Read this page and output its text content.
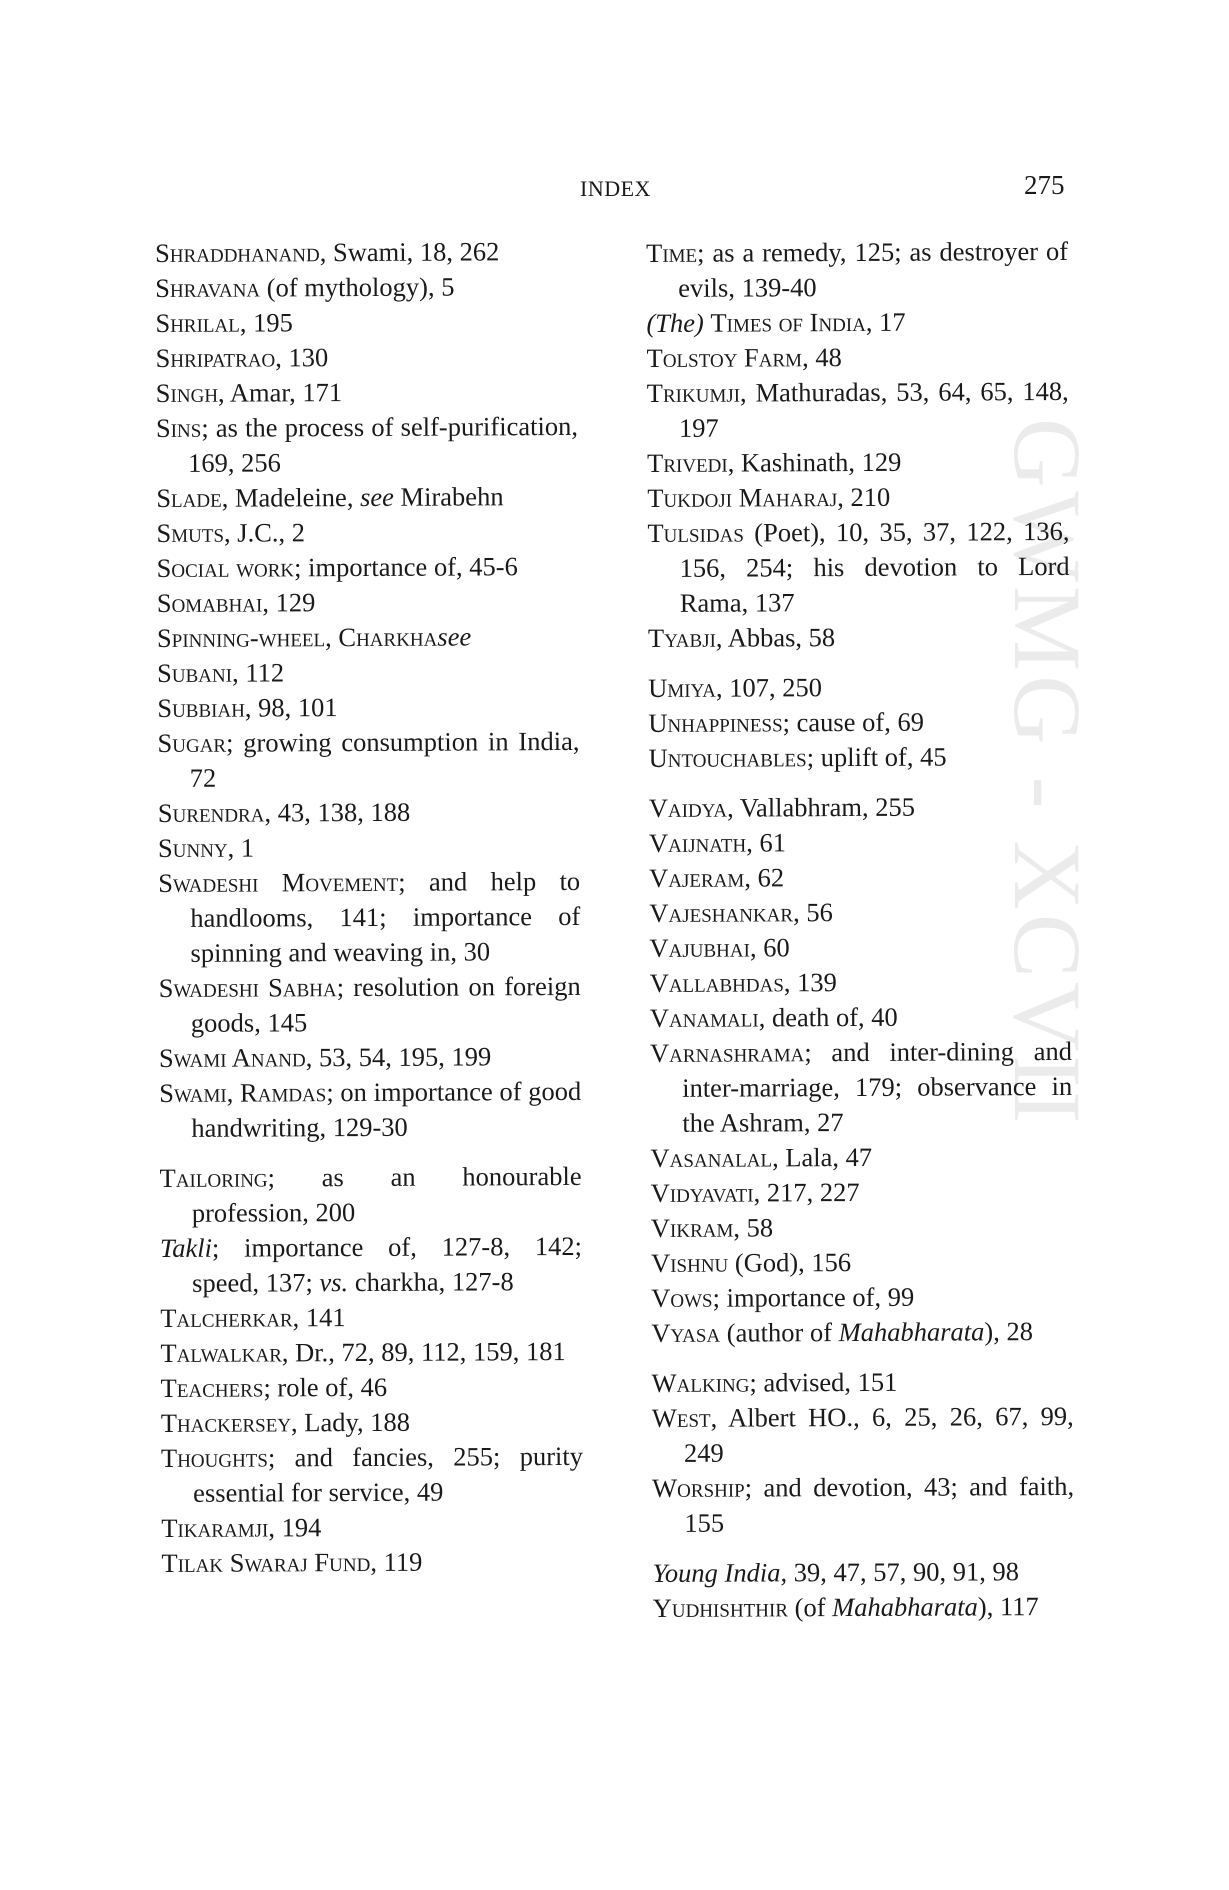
GWMG - XCVII
INDEX	275

Shraddhanand, Swami, 18, 262

Shravana (of mythology), 5

Shrilal, 195

Shripatrao, 130

Singh, Amar, 171

Sins; as the process of self-purification, 169, 256

Slade, Madeleine, see Mirabehn

Smuts, J.C., 2

Social work; importance of, 45-6

Somabhai, 129

Spinning-wheel, Charkhasee

Subani, 112

Subbiah, 98, 101

Sugar; growing consumption in India, 72

Surendra, 43, 138, 188

Sunny, 1

Swadeshi Movement; and help to handlooms, 141; importance of spinning and weaving in, 30

Swadeshi Sabha; resolution on foreign goods, 145

Swami Anand, 53, 54, 195, 199

Swami, Ramdas; on importance of good handwriting, 129-30

Tailoring; as an honourable profession, 200

Takli; importance of, 127-8, 142; speed, 137; vs. charkha, 127-8

Talcherkar, 141

Talwalkar, Dr., 72, 89, 112, 159, 181

Teachers; role of, 46

Thackersey, Lady, 188

Thoughts; and fancies, 255; purity essential for service, 49

Tikaramji, 194

Tilak Swaraj Fund, 119

Time; as a remedy, 125; as destroyer of evils, 139-40

(The) Times of India, 17

Tolstoy Farm, 48

Trikumji, Mathuradas, 53, 64, 65, 148, 197

Trivedi, Kashinath, 129

Tukdoji Maharaj, 210

Tulsidas (Poet), 10, 35, 37, 122, 136, 156, 254; his devotion to Lord Rama, 137

Tyabji, Abbas, 58

Umiya, 107, 250

Unhappiness; cause of, 69

Untouchables; uplift of, 45

Vaidya, Vallabhram, 255

Vaijnath, 61

Vajeram, 62

Vajeshankar, 56

Vajubhai, 60

Vallabhdas, 139

Vanamali, death of, 40

Varnashrama; and inter-dining and inter-marriage, 179; observance in the Ashram, 27

Vasanalal, Lala, 47

Vidyavati, 217, 227

Vikram, 58

Vishnu (God), 156

Vows; importance of, 99

Vyasa (author of Mahabharata), 28

Walking; advised, 151

West, Albert HO., 6, 25, 26, 67, 99, 249

Worship; and devotion, 43; and faith, 155

Young India, 39, 47, 57, 90, 91, 98

Yudhishthir (of Mahabharata), 117
